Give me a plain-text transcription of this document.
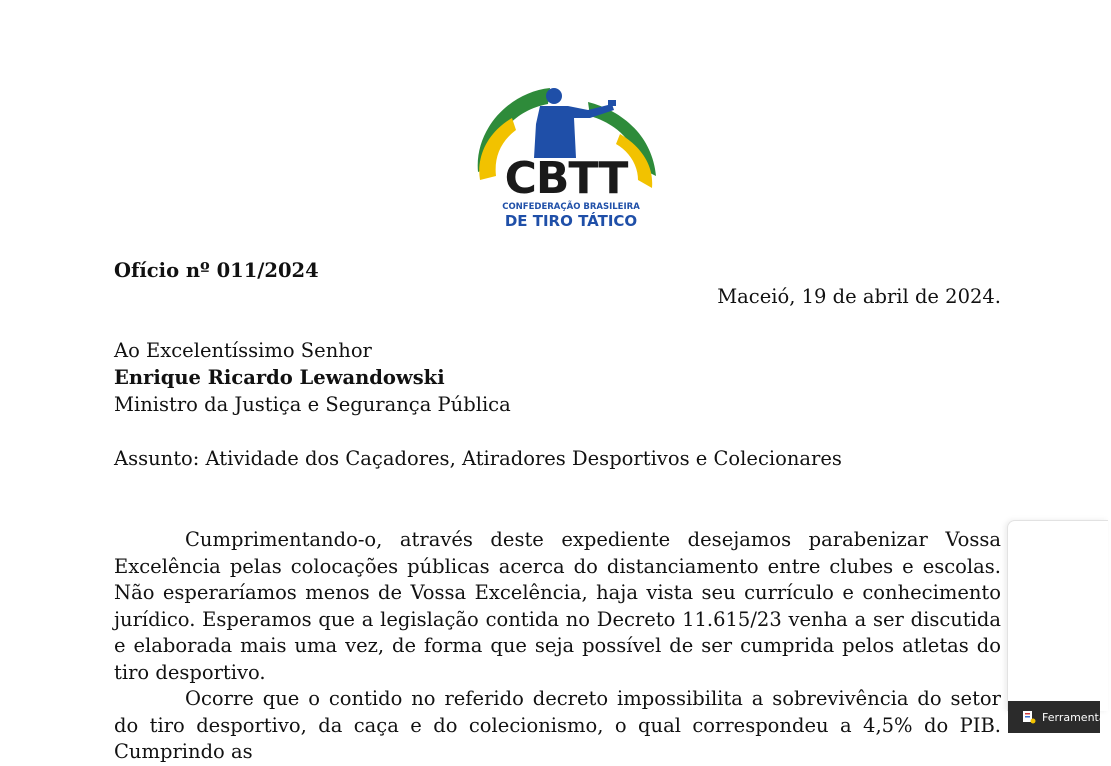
CBTT
CONFEDERAÇÃO BRASILEIRA
DE TIRO TÁTICO
Ofício nº 011/2024
Maceió, 19 de abril de 2024.
Ao Excelentíssimo Senhor
Enrique Ricardo Lewandowski
Ministro da Justiça e Segurança Pública
Assunto: Atividade dos Caçadores, Atiradores Desportivos e Colecionares

Cumprimentando-o, através deste expediente desejamos parabenizar Vossa Excelência pelas colocações públicas acerca do distanciamento entre clubes e escolas. Não esperaríamos menos de Vossa Excelência, haja vista seu currículo e conhecimento jurídico. Esperamos que a legislação contida no Decreto 11.615/23 venha a ser discutida e elaborada mais uma vez, de forma que seja possível de ser cumprida pelos atletas do tiro desportivo.

Ocorre que o contido no referido decreto impossibilita a sobrevivência do setor do tiro desportivo, da caça e do colecionismo, o qual correspondeu a 4,5% do PIB. Cumprindo as

Ferramentas
